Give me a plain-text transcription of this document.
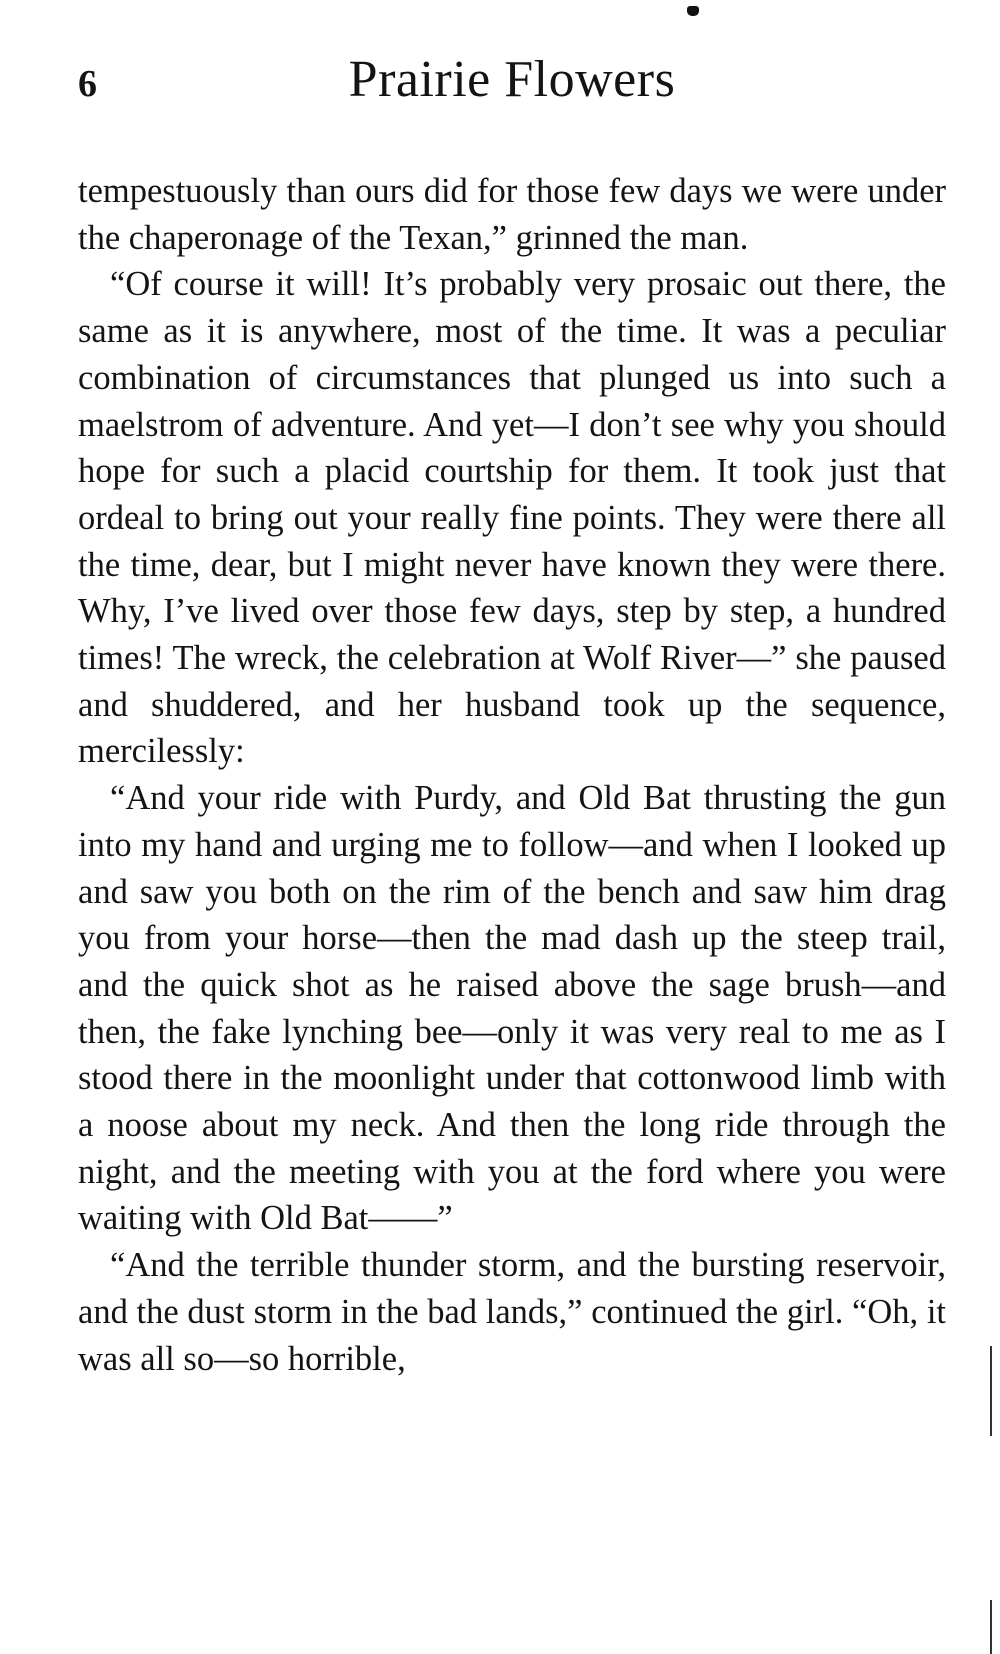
6	Prairie Flowers

tempestuously than ours did for those few days we were under the chaperonage of the Texan,” grinned the man.

“Of course it will! It’s probably very prosaic out there, the same as it is anywhere, most of the time. It was a peculiar combination of circumstances that plunged us into such a maelstrom of adventure. And yet—I don’t see why you should hope for such a placid courtship for them. It took just that ordeal to bring out your really fine points. They were there all the time, dear, but I might never have known they were there. Why, I’ve lived over those few days, step by step, a hundred times! The wreck, the celebration at Wolf River—” she paused and shuddered, and her husband took up the sequence, mercilessly:

“And your ride with Purdy, and Old Bat thrusting the gun into my hand and urging me to follow—and when I looked up and saw you both on the rim of the bench and saw him drag you from your horse—then the mad dash up the steep trail, and the quick shot as he raised above the sage brush—and then, the fake lynching bee—only it was very real to me as I stood there in the moonlight under that cottonwood limb with a noose about my neck. And then the long ride through the night, and the meeting with you at the ford where you were waiting with Old Bat——”

“And the terrible thunder storm, and the bursting reservoir, and the dust storm in the bad lands,” continued the girl. “Oh, it was all so—so horrible,
